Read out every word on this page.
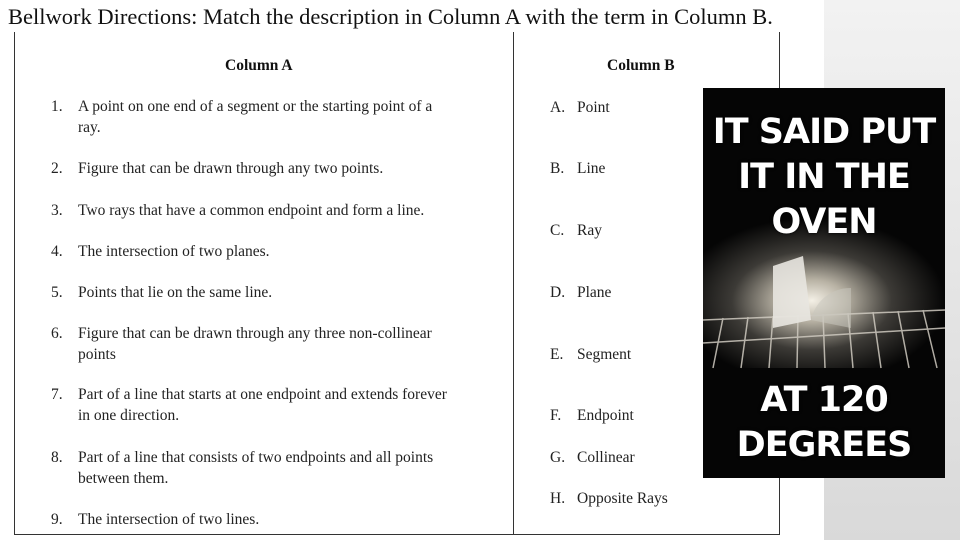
Bellwork Directions: Match the description in Column A with the term in Column B.
Column A	Column B
1. A point on one end of a segment or the starting point of a
ray.
2. Figure that can be drawn through any two points.
3. Two rays that have a common endpoint and form a line.
4. The intersection of two planes.
5. Points that lie on the same line.
6. Figure that can be drawn through any three non-collinear
points
7. Part of a line that starts at one endpoint and extends forever
in one direction.
8. Part of a line that consists of two endpoints and all points
between them.
9. The intersection of two lines.
A. Point
B. Line
C. Ray
D. Plane
E. Segment
F. Endpoint
G. Collinear
H. Opposite Rays
IT SAID PUT
IT IN THE
OVEN
AT 120
DEGREES
